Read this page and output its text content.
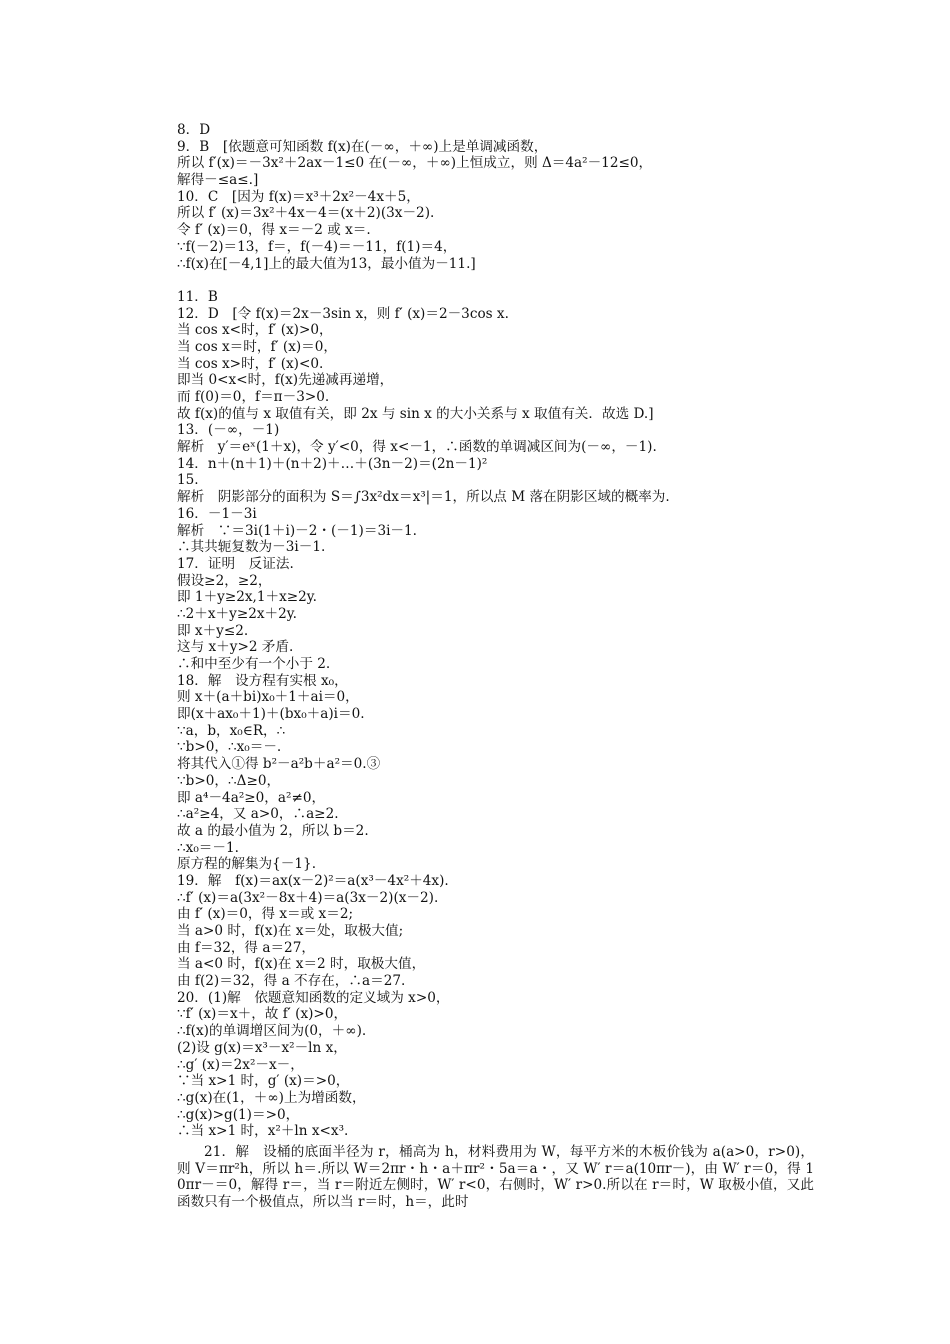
8．D
9．B　[依题意可知函数 f(x)在(－∞，＋∞)上是单调减函数，
所以 f′(x)＝－3x²＋2ax－1≤0 在(－∞，＋∞)上恒成立，则 Δ＝4a²－12≤0，
解得－≤a≤.]
10．C　[因为 f(x)＝x³＋2x²－4x＋5，
所以 f′ (x)＝3x²＋4x－4＝(x＋2)(3x－2).
令 f′ (x)＝0，得 x＝－2 或 x＝.
∵f(－2)＝13，f＝，f(－4)＝－11，f(1)＝4，
∴f(x)在[－4,1]上的最大值为13，最小值为－11.]
11．B
12．D　[令 f(x)＝2x－3sin x，则 f′ (x)＝2－3cos x.
当 cos x<时，f′ (x)>0，
当 cos x＝时，f′ (x)＝0，
当 cos x>时，f′ (x)<0.
即当 0<x<时，f(x)先递减再递增，
而 f(0)＝0，f＝π－3>0.
故 f(x)的值与 x 取值有关，即 2x 与 sin x 的大小关系与 x 取值有关．故选 D.]
13．(－∞，－1)
解析　y′＝eˣ(1＋x)，令 y′<0，得 x<－1，∴函数的单调减区间为(－∞，－1).
14．n＋(n＋1)＋(n＋2)＋…＋(3n－2)＝(2n－1)²
15.
解析　阴影部分的面积为 S＝∫3x²dx＝x³|＝1，所以点 M 落在阴影区域的概率为.
16．－1－3i
解析　∵＝3i(1＋i)－2・(－1)＝3i－1.
∴其共轭复数为－3i－1.
17．证明　反证法.
假设≥2，≥2，
即 1＋y≥2x,1＋x≥2y.
∴2＋x＋y≥2x＋2y.
即 x＋y≤2.
这与 x＋y>2 矛盾.
∴和中至少有一个小于 2.
18．解　设方程有实根 x₀，
则 x＋(a＋bi)x₀＋1＋ai＝0，
即(x＋ax₀＋1)＋(bx₀＋a)i＝0.
∵a，b，x₀∈R，∴
∵b>0，∴x₀＝－.
将其代入①得 b²－a²b＋a²＝0.③
∵b>0，∴Δ≥0，
即 a⁴－4a²≥0，a²≠0，
∴a²≥4，又 a>0，∴a≥2.
故 a 的最小值为 2，所以 b＝2.
∴x₀＝－1.
原方程的解集为{－1}.
19．解　f(x)＝ax(x－2)²＝a(x³－4x²＋4x).
∴f′ (x)＝a(3x²－8x＋4)＝a(3x－2)(x－2).
由 f′ (x)＝0，得 x＝或 x＝2;
当 a>0 时，f(x)在 x＝处，取极大值;
由 f＝32，得 a＝27，
当 a<0 时，f(x)在 x＝2 时，取极大值，
由 f(2)＝32，得 a 不存在，∴a＝27.
20．(1)解　依题意知函数的定义域为 x>0，
∵f′ (x)＝x＋，故 f′ (x)>0，
∴f(x)的单调增区间为(0，＋∞).
(2)设 g(x)＝x³－x²－ln x，
∴g′ (x)＝2x²－x－，
∵当 x>1 时，g′ (x)＝>0，
∴g(x)在(1，＋∞)上为增函数，
∴g(x)>g(1)＝>0，
∴当 x>1 时，x²＋ln x<x³.
21．解　设桶的底面半径为 r，桶高为 h，材料费用为 W，每平方米的木板价钱为 a(a>0，r>0)，则 V＝πr²h，所以 h＝.所以 W＝2πr・h・a＋πr²・5a＝a・，又 W′ r＝a(10πr－)，由 W′ r＝0，得 10πr－＝0，解得 r＝，当 r＝附近左侧时，W′ r<0，右侧时，W′ r>0.所以在 r＝时，W 取极小值，又此函数只有一个极值点，所以当 r＝时，h＝，此时
